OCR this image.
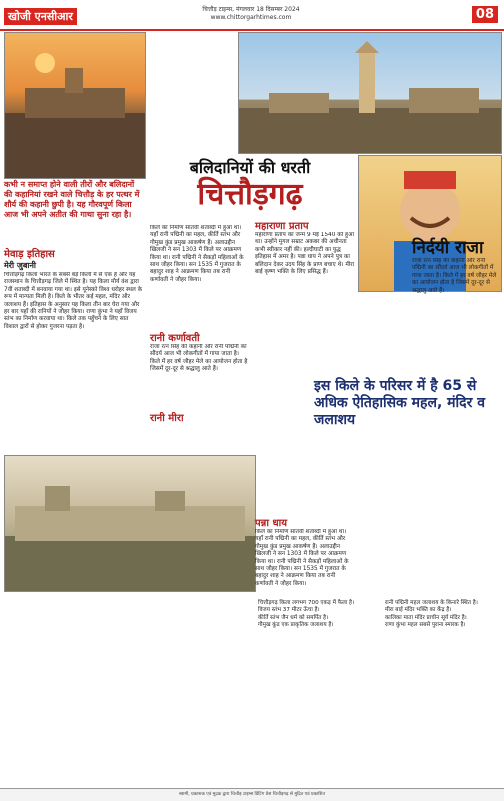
खोजी एनसीआर
चित्तौड़ टाइम्स, मंगलवार 18 दिसम्बर 2024
www.chittorgarhtimes.com	08
कभी न समाप्त होने वाली तीरों और बलिदानों की कहानियां रखने वाले चित्तौड़ के हर पत्थर में शौर्य की कहानी छुपी है। यह गौरवपूर्ण किला आज भी अपने अतीत की गाथा सुना रहा है।
बलिदानियों की धरती
चित्तौड़गढ़
निर्दयी राजा
इस किले के परिसर में है 65 से अधिक ऐतिहासिक महल, मंदिर व जलाशय
मेवाड़ इतिहास
मेरी जुबानी
चित्तौड़गढ़ किला भारत के सबसे बड़े किलों में से एक है और यह राजस्थान के चित्तौड़गढ़ जिले में स्थित है। यह किला मौर्य वंश द्वारा 7वीं शताब्दी में बनवाया गया था। इसे यूनेस्को विश्व धरोहर स्थल के रूप में मान्यता मिली है। किले के भीतर कई महल, मंदिर और जलाशय हैं। इतिहास के अनुसार यह किला तीन बार घेरा गया और हर बार यहाँ की रानियों ने जौहर किया। राणा कुंभा ने यहाँ विजय स्तंभ का निर्माण करवाया था। किले तक पहुँचने के लिए सात विशाल द्वारों से होकर गुजरना पड़ता है।
किले का निर्माण सातवीं शताब्दी में हुआ था। यहाँ रानी पद्मिनी का महल, कीर्ति स्तंभ और गौमुख कुंड प्रमुख आकर्षण हैं। अलाउद्दीन खिलजी ने सन 1303 में किले पर आक्रमण किया था। रानी पद्मिनी ने सैकड़ों महिलाओं के साथ जौहर किया। सन 1535 में गुजरात के बहादुर शाह ने आक्रमण किया तब रानी कर्णावती ने जौहर किया।
रानी कर्णावती
राजा रत्न सिंह की कहानी और रानी पद्मिनी का सौंदर्य आज भी लोकगीतों में गाया जाता है। किले में हर वर्ष जौहर मेले का आयोजन होता है जिसमें दूर-दूर से श्रद्धालु आते हैं।
रानी मीरा
महाराणा प्रताप
महाराणा प्रताप का जन्म 9 मई 1540 को हुआ था। उन्होंने मुगल सम्राट अकबर की अधीनता कभी स्वीकार नहीं की। हल्दीघाटी का युद्ध इतिहास में अमर है। पन्ना धाय ने अपने पुत्र का बलिदान देकर उदय सिंह के प्राण बचाए थे। मीरा बाई कृष्ण भक्ति के लिए प्रसिद्ध हैं।
पन्ना धाय
किले का निर्माण सातवीं शताब्दी में हुआ था। यहाँ रानी पद्मिनी का महल, कीर्ति स्तंभ और गौमुख कुंड प्रमुख आकर्षण हैं। अलाउद्दीन खिलजी ने सन 1303 में किले पर आक्रमण किया था। रानी पद्मिनी ने सैकड़ों महिलाओं के साथ जौहर किया। सन 1535 में गुजरात के बहादुर शाह ने आक्रमण किया तब रानी कर्णावती ने जौहर किया।
राजा रत्न सिंह की कहानी और रानी पद्मिनी का सौंदर्य आज भी लोकगीतों में गाया जाता है। किले में हर वर्ष जौहर मेले का आयोजन होता है जिसमें दूर-दूर से श्रद्धालु आते हैं।
चित्तौड़गढ़ किला लगभग 700 एकड़ में फैला है।
विजय स्तंभ 37 मीटर ऊँचा है।
कीर्ति स्तंभ जैन धर्म को समर्पित है।
गौमुख कुंड एक प्राकृतिक जलाशय है।
रानी पद्मिनी महल जलाशय के किनारे स्थित है।
मीरा बाई मंदिर भक्ति का केंद्र है।
कालिका माता मंदिर प्राचीन सूर्य मंदिर है।
राणा कुंभा महल सबसे पुराना स्मारक है।
स्वामी, प्रकाशक एवं मुद्रक द्वारा चित्तौड़ टाइम्स प्रिंटिंग प्रेस चित्तौड़गढ़ से मुद्रित एवं प्रकाशित
